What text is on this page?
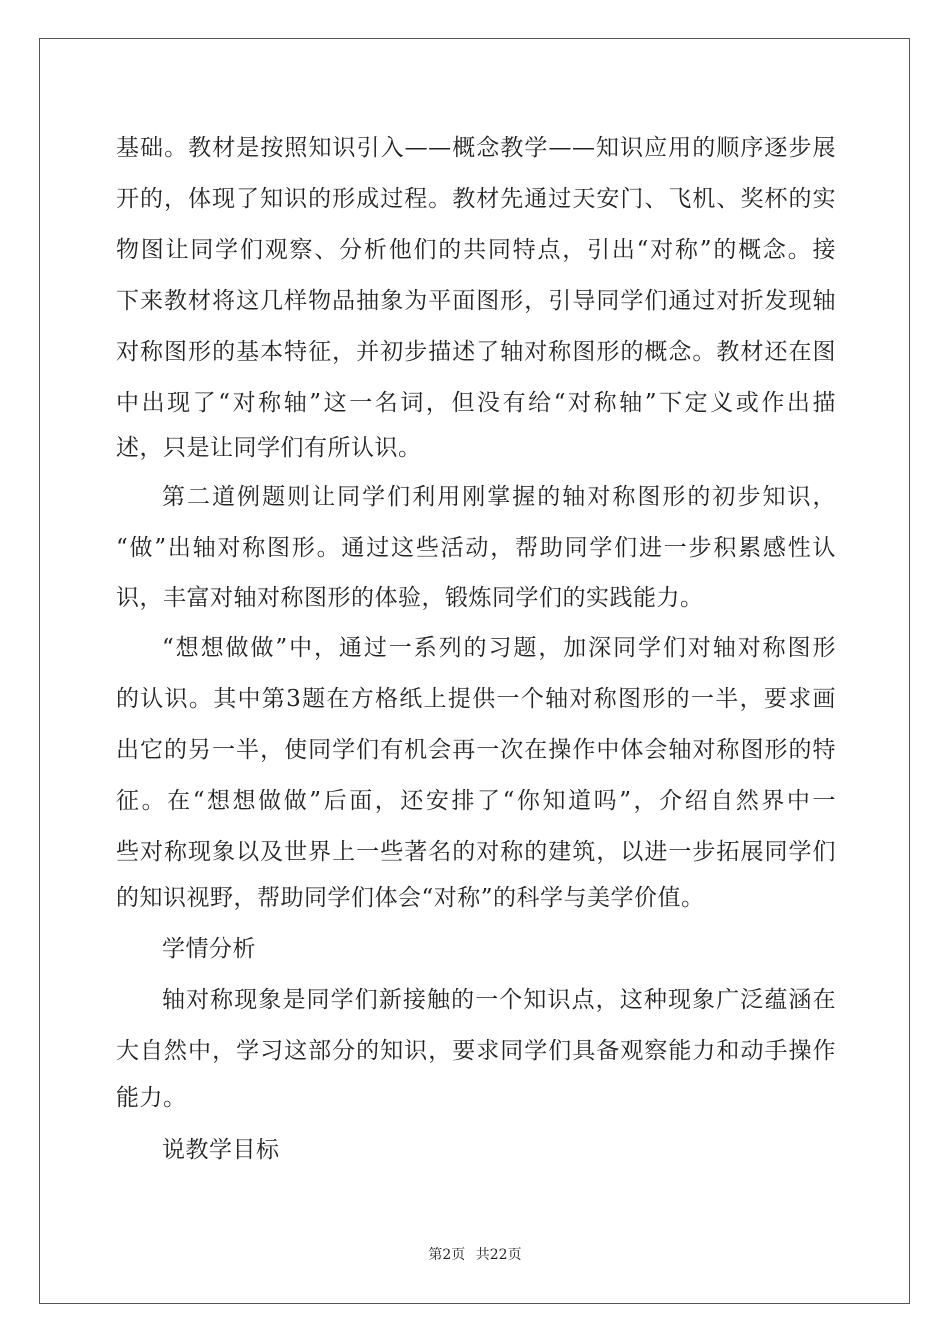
基础。教材是按照知识引入——概念教学——知识应用的顺序逐步展
开的，体现了知识的形成过程。教材先通过天安门、飞机、奖杯的实
物图让同学们观察、分析他们的共同特点，引出“对称”的概念。接
下来教材将这几样物品抽象为平面图形，引导同学们通过对折发现轴
对称图形的基本特征，并初步描述了轴对称图形的概念。教材还在图
中出现了“对称轴”这一名词，但没有给“对称轴”下定义或作出描
述，只是让同学们有所认识。
第二道例题则让同学们利用刚掌握的轴对称图形的初步知识，
“做”出轴对称图形。通过这些活动，帮助同学们进一步积累感性认
识，丰富对轴对称图形的体验，锻炼同学们的实践能力。
“想想做做”中，通过一系列的习题，加深同学们对轴对称图形
的认识。其中第3题在方格纸上提供一个轴对称图形的一半，要求画
出它的另一半，使同学们有机会再一次在操作中体会轴对称图形的特
征。在“想想做做”后面，还安排了“你知道吗”，介绍自然界中一
些对称现象以及世界上一些著名的对称的建筑，以进一步拓展同学们
的知识视野，帮助同学们体会“对称”的科学与美学价值。
学情分析
轴对称现象是同学们新接触的一个知识点，这种现象广泛蕴涵在
大自然中，学习这部分的知识，要求同学们具备观察能力和动手操作
能力。
说教学目标
第2页 共22页
